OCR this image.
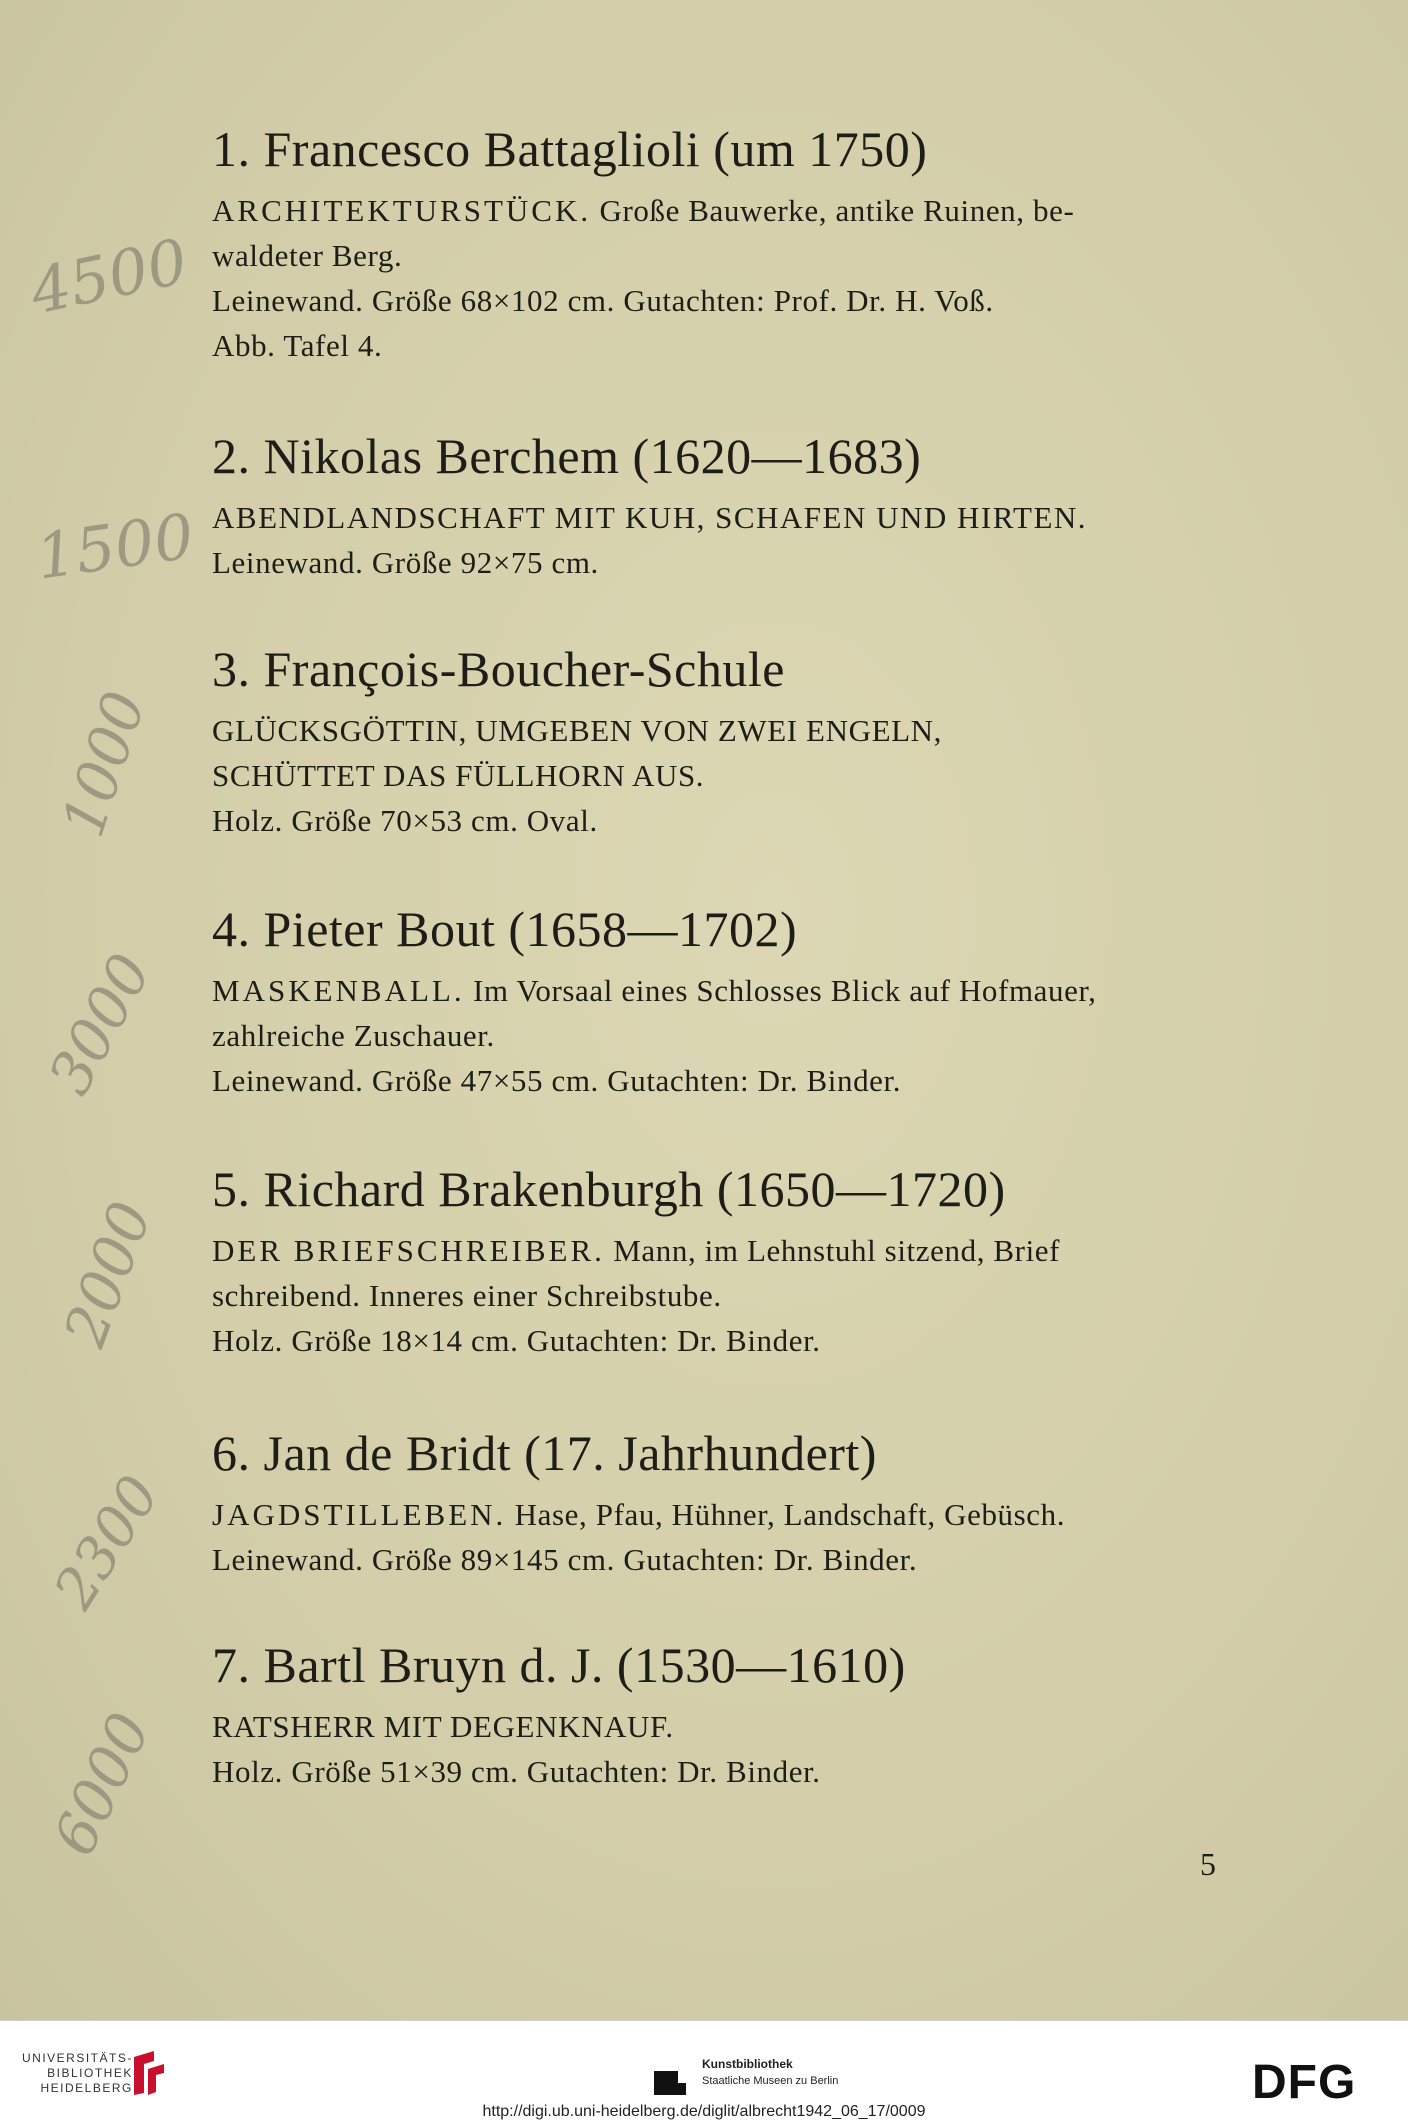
1. Francesco Battaglioli (um 1750)
ARCHITEKTURSTÜCK. Große Bauwerke, antike Ruinen, be-
waldeter Berg.
Leinewand. Größe 68×102 cm. Gutachten: Prof. Dr. H. Voß.
Abb. Tafel 4.
2. Nikolas Berchem (1620—1683)
ABENDLANDSCHAFT MIT KUH, SCHAFEN UND HIRTEN.
Leinewand. Größe 92×75 cm.
3. François-Boucher-Schule
GLÜCKSGÖTTIN, UMGEBEN VON ZWEI ENGELN,
SCHÜTTET DAS FÜLLHORN AUS.
Holz. Größe 70×53 cm. Oval.
4. Pieter Bout (1658—1702)
MASKENBALL. Im Vorsaal eines Schlosses Blick auf Hofmauer,
zahlreiche Zuschauer.
Leinewand. Größe 47×55 cm. Gutachten: Dr. Binder.
5. Richard Brakenburgh (1650—1720)
DER BRIEFSCHREIBER. Mann, im Lehnstuhl sitzend, Brief
schreibend. Inneres einer Schreibstube.
Holz. Größe 18×14 cm. Gutachten: Dr. Binder.
6. Jan de Bridt (17. Jahrhundert)
JAGDSTILLEBEN. Hase, Pfau, Hühner, Landschaft, Gebüsch.
Leinewand. Größe 89×145 cm. Gutachten: Dr. Binder.
7. Bartl Bruyn d. J. (1530—1610)
RATSHERR MIT DEGENKNAUF.
Holz. Größe 51×39 cm. Gutachten: Dr. Binder.
4500
1500
1000
3000
2000
2300
6000	5
UNIVERSITÄTS-
BIBLIOTHEK
HEIDELBERG
Kunstbibliothek
Staatliche Museen zu Berlin	DFG
http://digi.ub.uni-heidelberg.de/diglit/albrecht1942_06_17/0009
